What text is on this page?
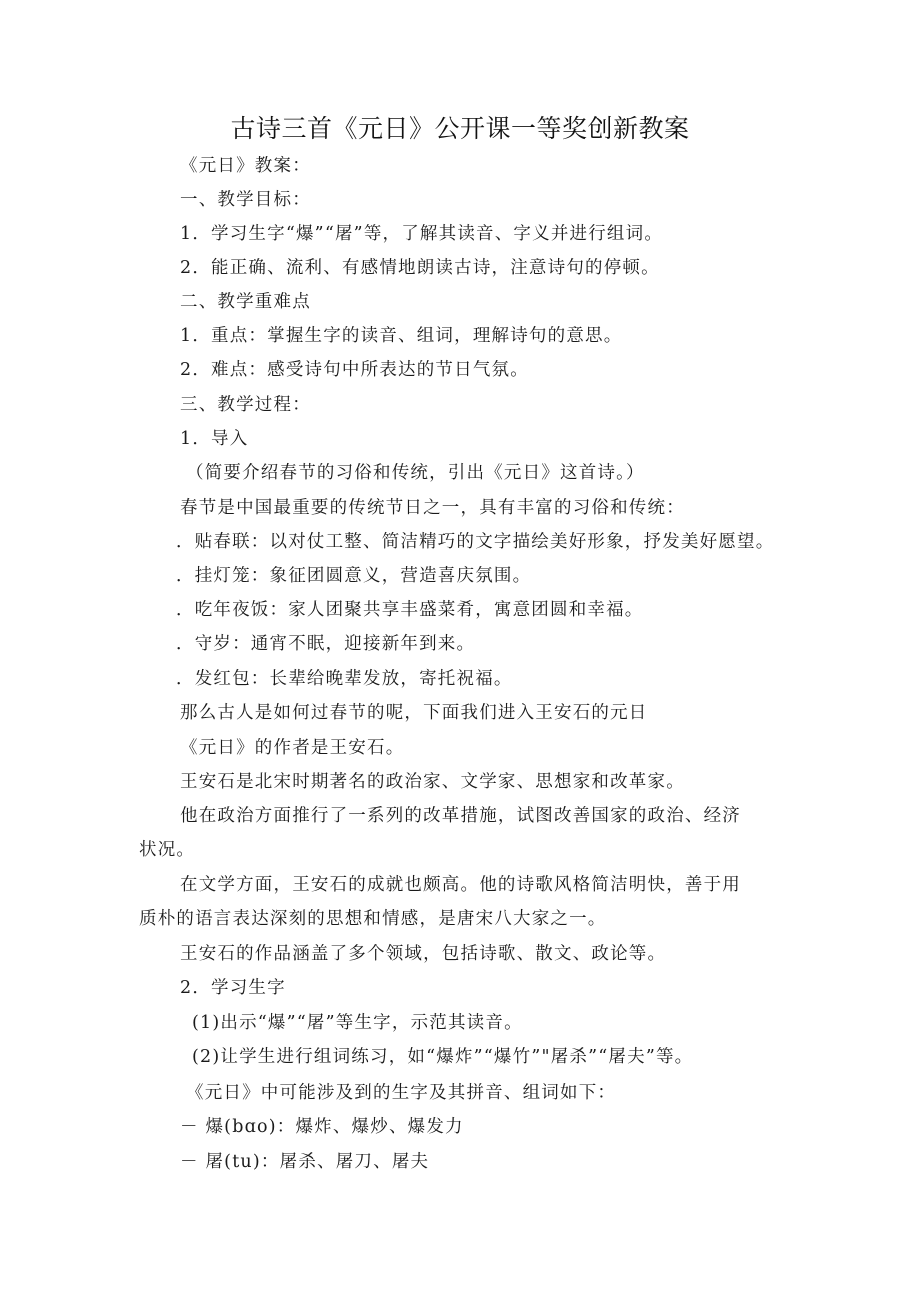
古诗三首《元日》公开课一等奖创新教案
《元日》教案：
一、教学目标：
1．学习生字“爆”“屠”等，了解其读音、字义并进行组词。
2．能正确、流利、有感情地朗读古诗，注意诗句的停顿。
二、教学重难点
1．重点：掌握生字的读音、组词，理解诗句的意思。
2．难点：感受诗句中所表达的节日气氛。
三、教学过程：
1．导入
（简要介绍春节的习俗和传统，引出《元日》这首诗。）
春节是中国最重要的传统节日之一，具有丰富的习俗和传统：
．贴春联：以对仗工整、简洁精巧的文字描绘美好形象，抒发美好愿望。
．挂灯笼：象征团圆意义，营造喜庆氛围。
．吃年夜饭：家人团聚共享丰盛菜肴，寓意团圆和幸福。
．守岁：通宵不眠，迎接新年到来。
．发红包：长辈给晚辈发放，寄托祝福。
那么古人是如何过春节的呢，下面我们进入王安石的元日
《元日》的作者是王安石。
王安石是北宋时期著名的政治家、文学家、思想家和改革家。
他在政治方面推行了一系列的改革措施，试图改善国家的政治、经济
状况。
在文学方面，王安石的成就也颇高。他的诗歌风格简洁明快，善于用
质朴的语言表达深刻的思想和情感，是唐宋八大家之一。
王安石的作品涵盖了多个领域，包括诗歌、散文、政论等。
2．学习生字
(1)出示“爆”“屠”等生字，示范其读音。
(2)让学生进行组词练习，如“爆炸”“爆竹”"屠杀”“屠夫”等。
《元日》中可能涉及到的生字及其拼音、组词如下：
－ 爆(bɑo)：爆炸、爆炒、爆发力
－ 屠(tu)：屠杀、屠刀、屠夫
